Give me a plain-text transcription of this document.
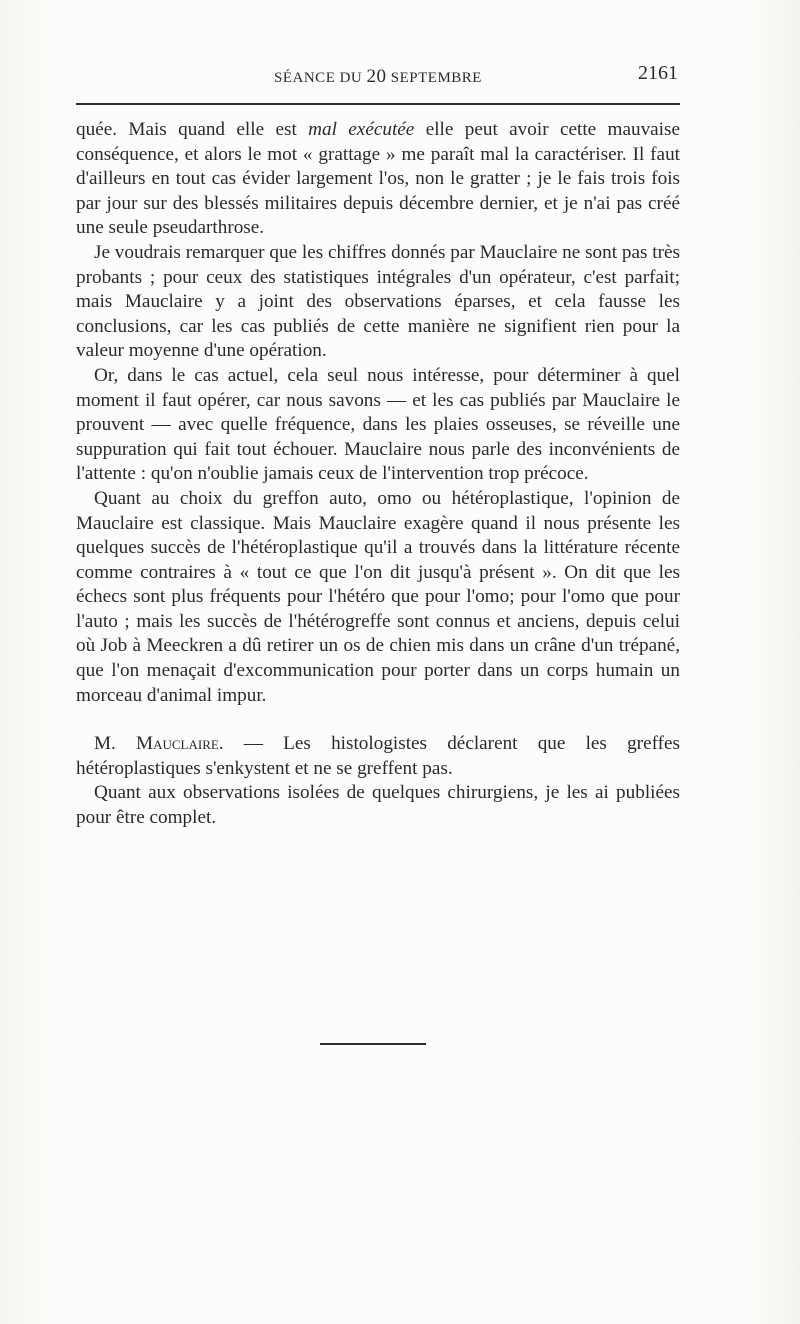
SÉANCE DU 20 SEPTEMBRE	2161

quée. Mais quand elle est mal exécutée elle peut avoir cette mauvaise conséquence, et alors le mot « grattage » me paraît mal la caractériser. Il faut d'ailleurs en tout cas évider largement l'os, non le gratter ; je le fais trois fois par jour sur des blessés militaires depuis décembre dernier, et je n'ai pas créé une seule pseudarthrose.

Je voudrais remarquer que les chiffres donnés par Mauclaire ne sont pas très probants ; pour ceux des statistiques intégrales d'un opérateur, c'est parfait; mais Mauclaire y a joint des observations éparses, et cela fausse les conclusions, car les cas publiés de cette manière ne signifient rien pour la valeur moyenne d'une opération.

Or, dans le cas actuel, cela seul nous intéresse, pour déterminer à quel moment il faut opérer, car nous savons — et les cas publiés par Mauclaire le prouvent — avec quelle fréquence, dans les plaies osseuses, se réveille une suppuration qui fait tout échouer. Mauclaire nous parle des inconvénients de l'attente : qu'on n'oublie jamais ceux de l'intervention trop précoce.

Quant au choix du greffon auto, omo ou hétéroplastique, l'opinion de Mauclaire est classique. Mais Mauclaire exagère quand il nous présente les quelques succès de l'hétéroplastique qu'il a trouvés dans la littérature récente comme contraires à « tout ce que l'on dit jusqu'à présent ». On dit que les échecs sont plus fréquents pour l'hétéro que pour l'omo; pour l'omo que pour l'auto ; mais les succès de l'hétérogreffe sont connus et anciens, depuis celui où Job à Meeckren a dû retirer un os de chien mis dans un crâne d'un trépané, que l'on menaçait d'excommunication pour porter dans un corps humain un morceau d'animal impur.

M. Mauclaire. — Les histologistes déclarent que les greffes hétéroplastiques s'enkystent et ne se greffent pas.

Quant aux observations isolées de quelques chirurgiens, je les ai publiées pour être complet.
